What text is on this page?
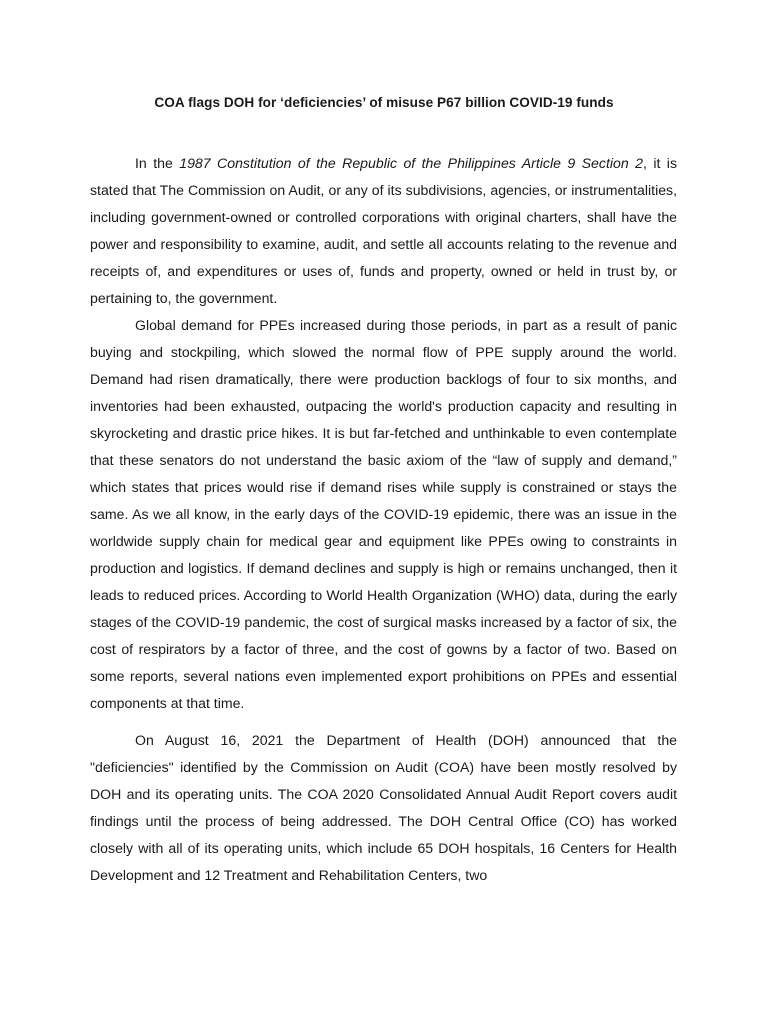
COA flags DOH for ‘deficiencies’ of misuse P67 billion COVID-19 funds

In the 1987 Constitution of the Republic of the Philippines Article 9 Section 2, it is stated that The Commission on Audit, or any of its subdivisions, agencies, or instrumentalities, including government-owned or controlled corporations with original charters, shall have the power and responsibility to examine, audit, and settle all accounts relating to the revenue and receipts of, and expenditures or uses of, funds and property, owned or held in trust by, or pertaining to, the government.

Global demand for PPEs increased during those periods, in part as a result of panic buying and stockpiling, which slowed the normal flow of PPE supply around the world. Demand had risen dramatically, there were production backlogs of four to six months, and inventories had been exhausted, outpacing the world's production capacity and resulting in skyrocketing and drastic price hikes. It is but far-fetched and unthinkable to even contemplate that these senators do not understand the basic axiom of the “law of supply and demand,” which states that prices would rise if demand rises while supply is constrained or stays the same. As we all know, in the early days of the COVID-19 epidemic, there was an issue in the worldwide supply chain for medical gear and equipment like PPEs owing to constraints in production and logistics. If demand declines and supply is high or remains unchanged, then it leads to reduced prices. According to World Health Organization (WHO) data, during the early stages of the COVID-19 pandemic, the cost of surgical masks increased by a factor of six, the cost of respirators by a factor of three, and the cost of gowns by a factor of two. Based on some reports, several nations even implemented export prohibitions on PPEs and essential components at that time.

On August 16, 2021 the Department of Health (DOH) announced that the "deficiencies" identified by the Commission on Audit (COA) have been mostly resolved by DOH and its operating units. The COA 2020 Consolidated Annual Audit Report covers audit findings until the process of being addressed. The DOH Central Office (CO) has worked closely with all of its operating units, which include 65 DOH hospitals, 16 Centers for Health Development and 12 Treatment and Rehabilitation Centers, two
